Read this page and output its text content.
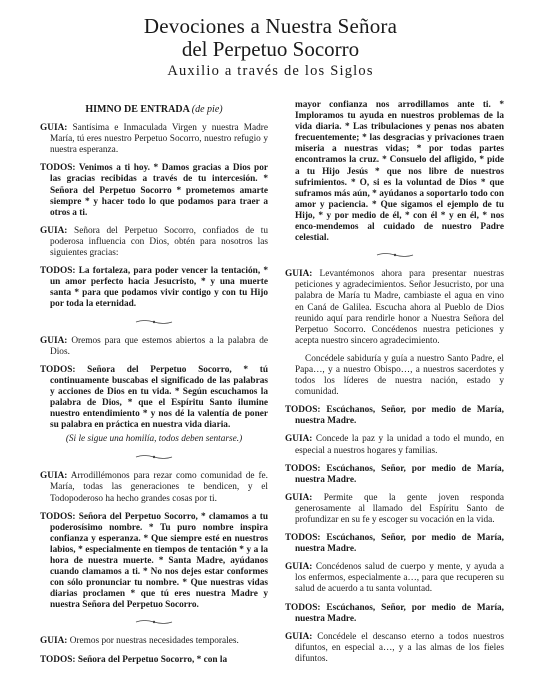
Devociones a Nuestra Señora
del Perpetuo Socorro
Auxilio a través de los Siglos
HIMNO DE ENTRADA (de pie)

GUIA: Santísima e Inmaculada Virgen y nuestra Madre María, tú eres nuestro Perpetuo Socorro, nuestro refugio y nuestra esperanza.

TODOS: Venimos a ti hoy. * Damos gracias a Dios por las gracias recibidas a través de tu intercesión. * Señora del Perpetuo Socorro * prometemos amarte siempre * y hacer todo lo que podamos para traer a otros a ti.

GUIA: Señora del Perpetuo Socorro, confiados de tu poderosa influencia con Dios, obtén para nosotros las siguientes gracias:

TODOS: La fortaleza, para poder vencer la tentación, * un amor perfecto hacia Jesucristo, * y una muerte santa * para que podamos vivir contigo y con tu Hijo por toda la eternidad.

GUIA: Oremos para que estemos abiertos a la palabra de Dios.

TODOS: Señora del Perpetuo Socorro, * tú continuamente buscabas el significado de las palabras y acciones de Dios en tu vida. * Según escuchamos la palabra de Dios, * que el Espíritu Santo ilumine nuestro entendimiento * y nos dé la valentía de poner su palabra en práctica en nuestra vida diaria.

(Si le sigue una homilía, todos deben sentarse.)

GUIA: Arrodillémonos para rezar como comunidad de fe. María, todas las generaciones te bendicen, y el Todopoderoso ha hecho grandes cosas por ti.

TODOS: Señora del Perpetuo Socorro, * clamamos a tu poderosísimo nombre. * Tu puro nombre inspira confianza y esperanza. * Que siempre esté en nuestros labios, * especialmente en tiempos de tentación * y a la hora de nuestra muerte. * Santa Madre, ayúdanos cuando clamamos a ti. * No nos dejes estar conformes con sólo pronunciar tu nombre. * Que nuestras vidas diarias proclamen * que tú eres nuestra Madre y nuestra Señora del Perpetuo Socorro.

GUIA: Oremos por nuestras necesidades temporales.

TODOS: Señora del Perpetuo Socorro, * con la

mayor confianza nos arrodillamos ante ti. * Imploramos tu ayuda en nuestros problemas de la vida diaria. * Las tribulaciones y penas nos abaten frecuentemente; * las desgracias y privaciones traen miseria a nuestras vidas; * por todas partes encontramos la cruz. * Consuelo del afligido, * pide a tu Hijo Jesús * que nos libre de nuestros sufrimientos. * O, si es la voluntad de Dios * que suframos más aún, * ayúdanos a soportarlo todo con amor y paciencia. * Que sigamos el ejemplo de tu Hijo, * y por medio de él, * con él * y en él, * nos enco-mendemos al cuidado de nuestro Padre celestial.

GUIA: Levantémonos ahora para presentar nuestras peticiones y agradecimientos. Señor Jesucristo, por una palabra de María tu Madre, cambiaste el agua en vino en Caná de Galilea. Escucha ahora al Pueblo de Dios reunido aquí para rendirle honor a Nuestra Señora del Perpetuo Socorro. Concédenos nuestra peticiones y acepta nuestro sincero agradecimiento.

Concédele sabiduría y guía a nuestro Santo Padre, el Papa…, y a nuestro Obispo…, a nuestros sacerdotes y todos los líderes de nuestra nación, estado y comunidad.

TODOS: Escúchanos, Señor, por medio de María, nuestra Madre.

GUIA: Concede la paz y la unidad a todo el mundo, en especial a nuestros hogares y familias.

TODOS: Escúchanos, Señor, por medio de María, nuestra Madre.

GUIA: Permite que la gente joven responda generosamente al llamado del Espíritu Santo de profundizar en su fe y escoger su vocación en la vida.

TODOS: Escúchanos, Señor, por medio de María, nuestra Madre.

GUIA: Concédenos salud de cuerpo y mente, y ayuda a los enfermos, especialmente a…, para que recuperen su salud de acuerdo a tu santa voluntad.

TODOS: Escúchanos, Señor, por medio de María, nuestra Madre.

GUIA: Concédele el descanso eterno a todos nuestros difuntos, en especial a…, y a las almas de los fieles difuntos.
